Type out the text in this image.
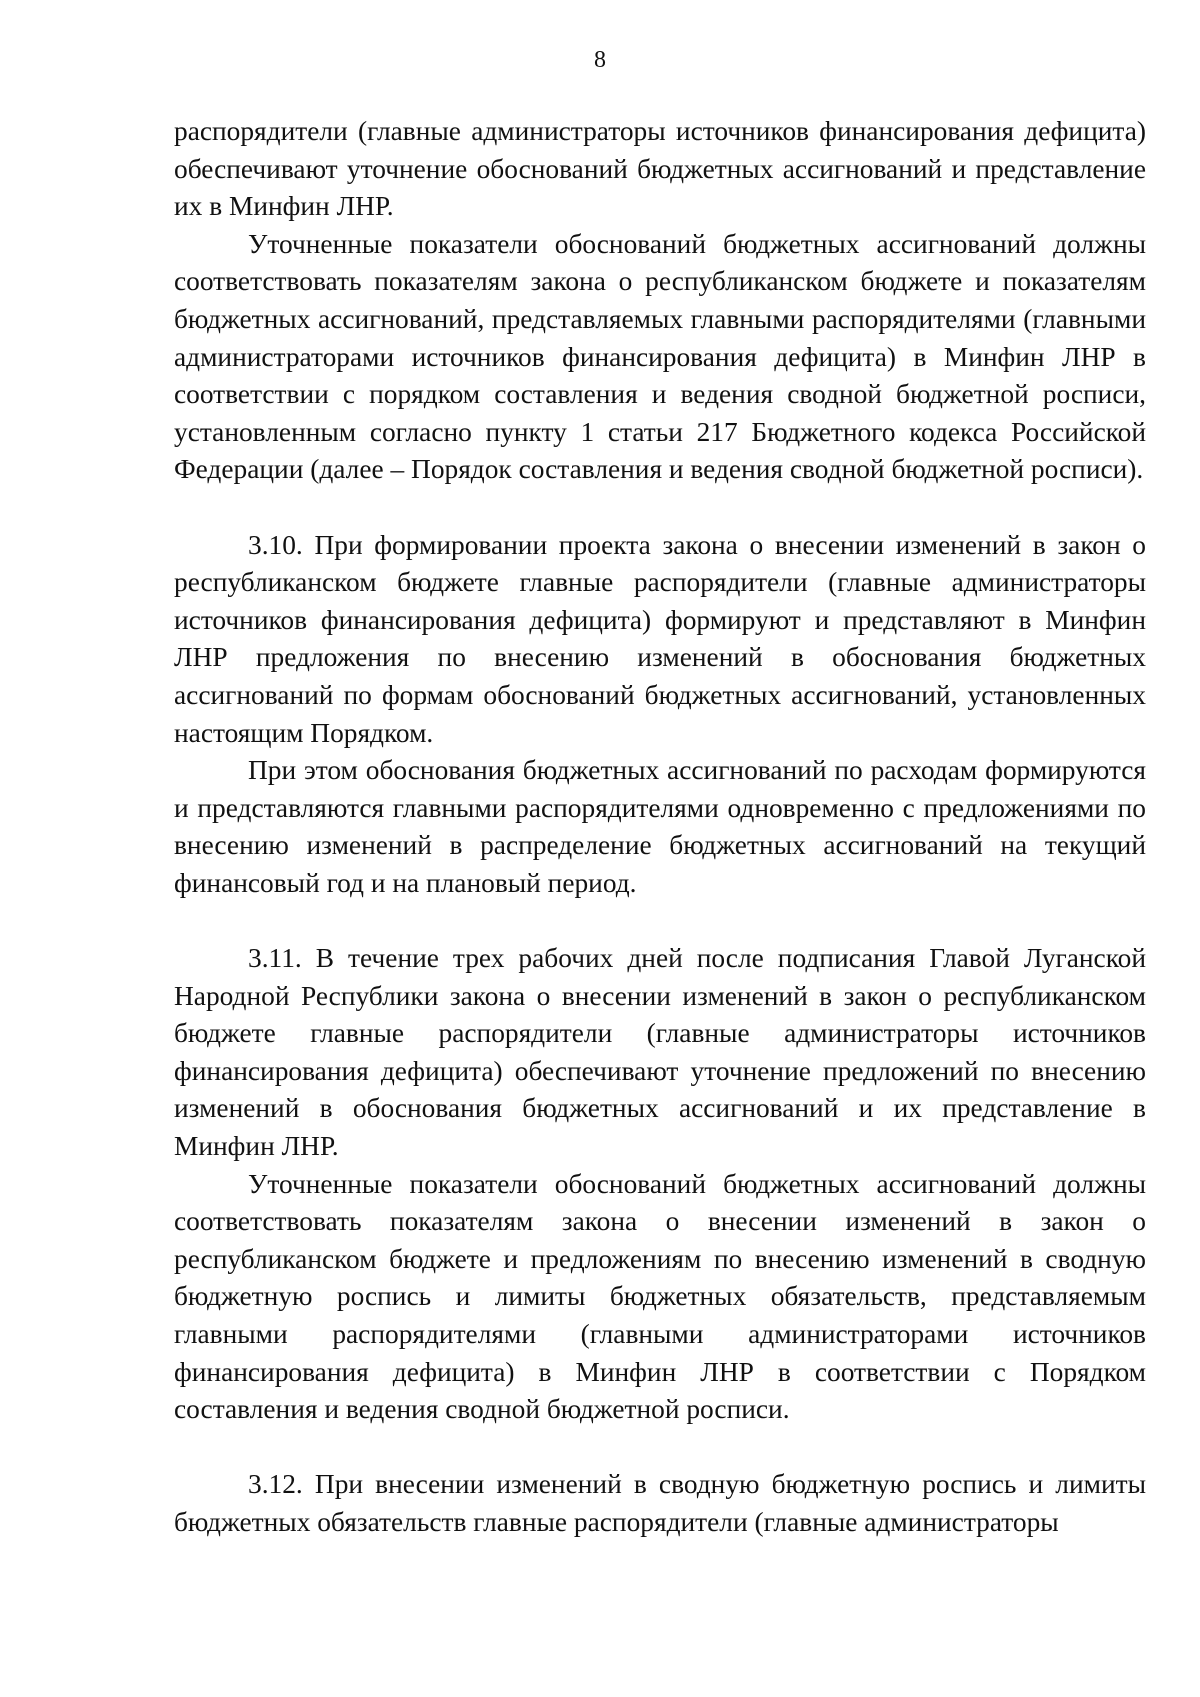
8

распорядители (главные администраторы источников финансирования дефицита) обеспечивают уточнение обоснований бюджетных ассигнований и представление их в Минфин ЛНР.

Уточненные показатели обоснований бюджетных ассигнований должны соответствовать показателям закона о республиканском бюджете и показателям бюджетных ассигнований, представляемых главными распорядителями (главными администраторами источников финансирования дефицита) в Минфин ЛНР в соответствии с порядком составления и ведения сводной бюджетной росписи, установленным согласно пункту 1 статьи 217 Бюджетного кодекса Российской Федерации (далее – Порядок составления и ведения сводной бюджетной росписи).

3.10. При формировании проекта закона о внесении изменений в закон о республиканском бюджете главные распорядители (главные администраторы источников финансирования дефицита) формируют и представляют в Минфин ЛНР предложения по внесению изменений в обоснования бюджетных ассигнований по формам обоснований бюджетных ассигнований, установленных настоящим Порядком.

При этом обоснования бюджетных ассигнований по расходам формируются и представляются главными распорядителями одновременно с предложениями по внесению изменений в распределение бюджетных ассигнований на текущий финансовый год и на плановый период.

3.11. В течение трех рабочих дней после подписания Главой Луганской Народной Республики закона о внесении изменений в закон о республиканском бюджете главные распорядители (главные администраторы источников финансирования дефицита) обеспечивают уточнение предложений по внесению изменений в обоснования бюджетных ассигнований и их представление в Минфин ЛНР.

Уточненные показатели обоснований бюджетных ассигнований должны соответствовать показателям закона о внесении изменений в закон о республиканском бюджете и предложениям по внесению изменений в сводную бюджетную роспись и лимиты бюджетных обязательств, представляемым главными распорядителями (главными администраторами источников финансирования дефицита) в Минфин ЛНР в соответствии с Порядком составления и ведения сводной бюджетной росписи.

3.12. При внесении изменений в сводную бюджетную роспись и лимиты бюджетных обязательств главные распорядители (главные администраторы
